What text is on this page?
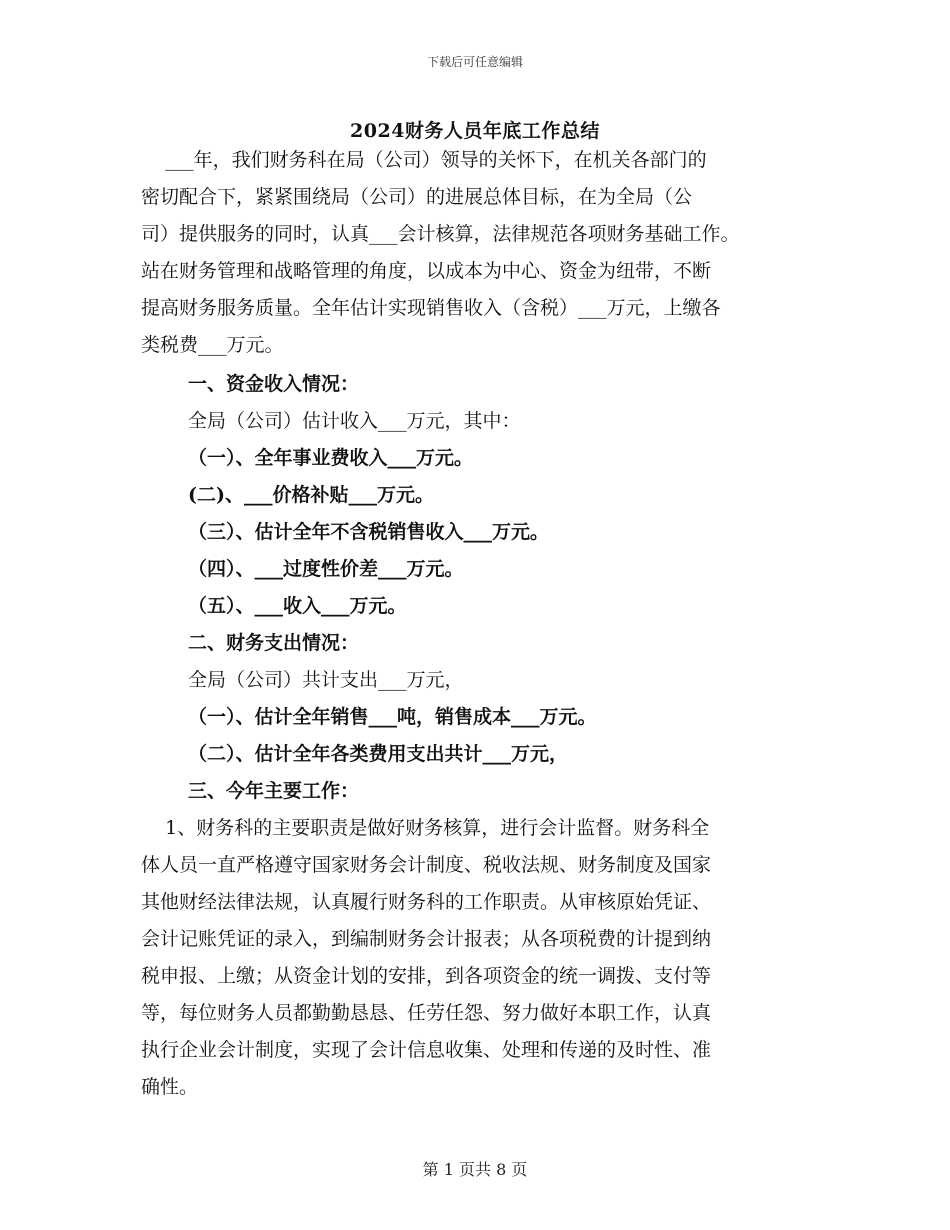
下载后可任意编辑
2024财务人员年底工作总结
___年，我们财务科在局（公司）领导的关怀下，在机关各部门的
密切配合下，紧紧围绕局（公司）的进展总体目标，在为全局（公
司）提供服务的同时，认真___会计核算，法律规范各项财务基础工作。
站在财务管理和战略管理的角度，以成本为中心、资金为纽带，不断
提高财务服务质量。全年估计实现销售收入（含税）___万元，上缴各
类税费___万元。
一、资金收入情况：
全局（公司）估计收入___万元，其中：
（一）、全年事业费收入___万元。
(二)、___价格补贴___万元。
（三）、估计全年不含税销售收入___万元。
（四）、___过度性价差___万元。
（五）、___收入___万元。
二、财务支出情况：
全局（公司）共计支出___万元，
（一）、估计全年销售___吨，销售成本___万元。
（二）、估计全年各类费用支出共计___万元，
三、今年主要工作：
1、财务科的主要职责是做好财务核算，进行会计监督。财务科全
体人员一直严格遵守国家财务会计制度、税收法规、财务制度及国家
其他财经法律法规，认真履行财务科的工作职责。从审核原始凭证、
会计记账凭证的录入，到编制财务会计报表；从各项税费的计提到纳
税申报、上缴；从资金计划的安排，到各项资金的统一调拨、支付等
等，每位财务人员都勤勤恳恳、任劳任怨、努力做好本职工作，认真
执行企业会计制度，实现了会计信息收集、处理和传递的及时性、准
确性。
第 1 页共 8 页
